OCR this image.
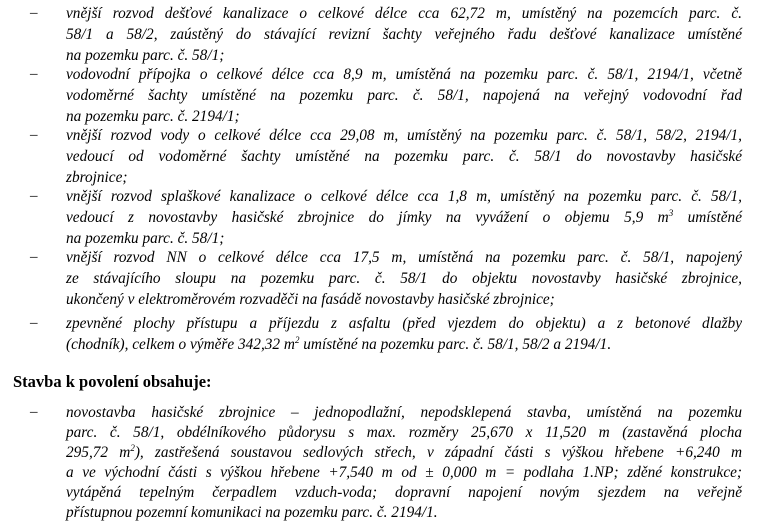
– vnější rozvod dešťové kanalizace o celkové délce cca 62,72 m, umístěný na pozemcích parc. č.
58/1 a 58/2, zaústěný do stávající revizní šachty veřejného řadu dešťové kanalizace umístěné
na pozemku parc. č. 58/1;
– vodovodní přípojka o celkové délce cca 8,9 m, umístěná na pozemku parc. č. 58/1, 2194/1, včetně
vodoměrné šachty umístěné na pozemku parc. č. 58/1, napojená na veřejný vodovodní řad
na pozemku parc. č. 2194/1;
– vnější rozvod vody o celkové délce cca 29,08 m, umístěný na pozemku parc. č. 58/1, 58/2, 2194/1,
vedoucí od vodoměrné šachty umístěné na pozemku parc. č. 58/1 do novostavby hasičské
zbrojnice;
– vnější rozvod splaškové kanalizace o celkové délce cca 1,8 m, umístěný na pozemku parc. č. 58/1,
vedoucí z novostavby hasičské zbrojnice do jímky na vyvážení o objemu 5,9 $m^3$ umístěné
na pozemku parc. č. 58/1;
– vnější rozvod NN o celkové délce cca 17,5 m, umístěná na pozemku parc. č. 58/1, napojený
ze stávajícího sloupu na pozemku parc. č. 58/1 do objektu novostavby hasičské zbrojnice,
ukončený v elektroměrovém rozvaděči na fasádě novostavby hasičské zbrojnice;
– zpevněné plochy přístupu a příjezdu z asfaltu (před vjezdem do objektu) a z betonové dlažby
(chodník), celkem o výměře 342,32 $m^2$ umístěné na pozemku parc. č. 58/1, 58/2 a 2194/1.
Stavba k povolení obsahuje:
– novostavba hasičské zbrojnice – jednopodlažní, nepodsklepená stavba, umístěná na pozemku
parc. č. 58/1, obdélníkového půdorysu s max. rozměry 25,670 x 11,520 m (zastavěná plocha
295,72 $m^2$), zastřešená soustavou sedlových střech, v západní části s výškou hřebene +6,240 m
a ve východní části s výškou hřebene +7,540 m od ± 0,000 m = podlaha 1.NP; zděné konstrukce;
vytápěná tepelným čerpadlem vzduch-voda; dopravní napojení novým sjezdem na veřejně
přístupnou pozemní komunikaci na pozemku parc. č. 2194/1.
